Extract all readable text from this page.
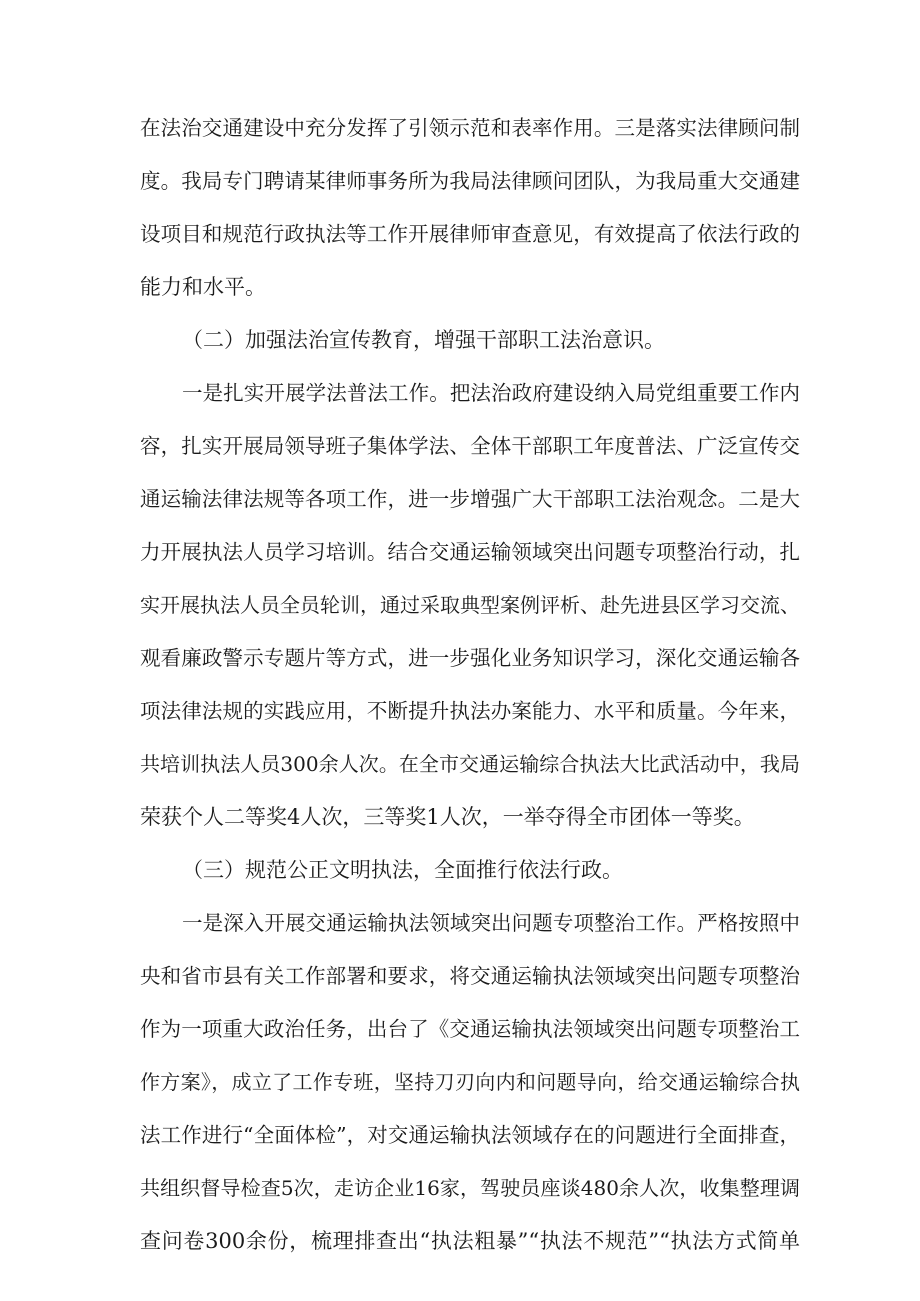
在法治交通建设中充分发挥了引领示范和表率作用。三是落实法律顾问制
度。我局专门聘请某律师事务所为我局法律顾问团队，为我局重大交通建
设项目和规范行政执法等工作开展律师审查意见，有效提高了依法行政的
能力和水平。
（二）加强法治宣传教育，增强干部职工法治意识。
一是扎实开展学法普法工作。把法治政府建设纳入局党组重要工作内
容，扎实开展局领导班子集体学法、全体干部职工年度普法、广泛宣传交
通运输法律法规等各项工作，进一步增强广大干部职工法治观念。二是大
力开展执法人员学习培训。结合交通运输领域突出问题专项整治行动，扎
实开展执法人员全员轮训，通过采取典型案例评析、赴先进县区学习交流、
观看廉政警示专题片等方式，进一步强化业务知识学习，深化交通运输各
项法律法规的实践应用，不断提升执法办案能力、水平和质量。今年来，
共培训执法人员300余人次。在全市交通运输综合执法大比武活动中，我局
荣获个人二等奖4人次，三等奖1人次，一举夺得全市团体一等奖。
（三）规范公正文明执法，全面推行依法行政。
一是深入开展交通运输执法领域突出问题专项整治工作。严格按照中
央和省市县有关工作部署和要求，将交通运输执法领域突出问题专项整治
作为一项重大政治任务，出台了《交通运输执法领域突出问题专项整治工
作方案》，成立了工作专班，坚持刀刃向内和问题导向，给交通运输综合执
法工作进行“全面体检”，对交通运输执法领域存在的问题进行全面排查，
共组织督导检查5次，走访企业16家，驾驶员座谈480余人次，收集整理调
查问卷300余份，梳理排查出“执法粗暴”“执法不规范”“执法方式简单
